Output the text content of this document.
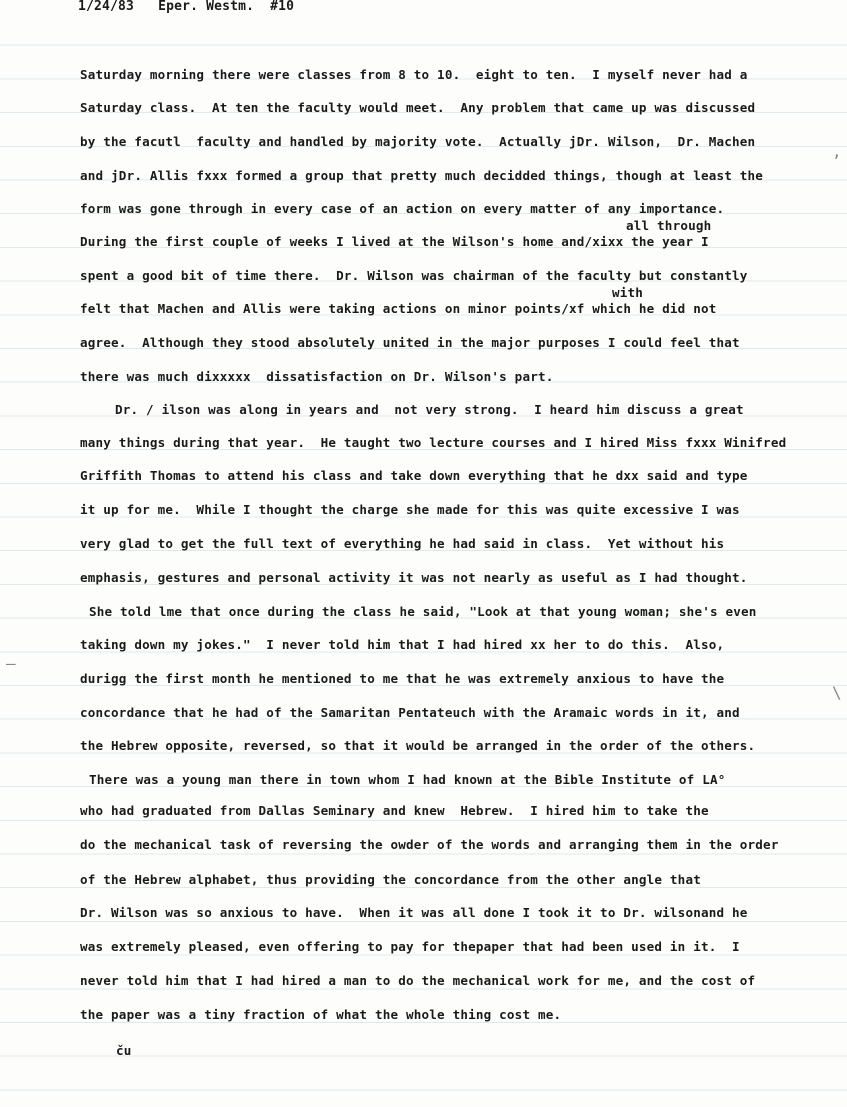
1/24/83   Eper. Westm.  #10
Saturday morning there were classes from 8 to 10.  eight to ten.  I myself never had a
Saturday class.  At ten the faculty would meet.  Any problem that came up was discussed
by the facutl  faculty and handled by majority vote.  Actually jDr. Wilson,  Dr. Machen
and jDr. Allis fxxx formed a group that pretty much decidded things, though at least the
form was gone through in every case of an action on every matter of any importance.
all through
During the first couple of weeks I lived at the Wilson's home and/xixx the year I
spent a good bit of time there.  Dr. Wilson was chairman of the faculty but constantly
with
felt that Machen and Allis were taking actions on minor points/xf which he did not
agree.  Although they stood absolutely united in the major purposes I could feel that
there was much dixxxxx  dissatisfaction on Dr. Wilson's part.
Dr. / ilson was along in years and  not very strong.  I heard him discuss a great
many things during that year.  He taught two lecture courses and I hired Miss fxxx Winifred
Griffith Thomas to attend his class and take down everything that he dxx said and type
it up for me.  While I thought the charge she made for this was quite excessive I was
very glad to get the full text of everything he had said in class.  Yet without his
emphasis, gestures and personal activity it was not nearly as useful as I had thought.
She told lme that once during the class he said, "Look at that young woman; she's even
taking down my jokes."  I never told him that I had hired xx her to do this.  Also,
durigg the first month he mentioned to me that he was extremely anxious to have the
concordance that he had of the Samaritan Pentateuch with the Aramaic words in it, and
the Hebrew opposite, reversed, so that it would be arranged in the order of the others.
There was a young man there in town whom I had known at the Bible Institute of LA°
who had graduated from Dallas Seminary and knew  Hebrew.  I hired him to take the
do the mechanical task of reversing the owder of the words and arranging them in the order
of the Hebrew alphabet, thus providing the concordance from the other angle that
Dr. Wilson was so anxious to have.  When it was all done I took it to Dr. wilsonand he
was extremely pleased, even offering to pay for thepaper that had been used in it.  I
never told him that I had hired a man to do the mechanical work for me, and the cost of
the paper was a tiny fraction of what the whole thing cost me.
ču
‒
,
\
